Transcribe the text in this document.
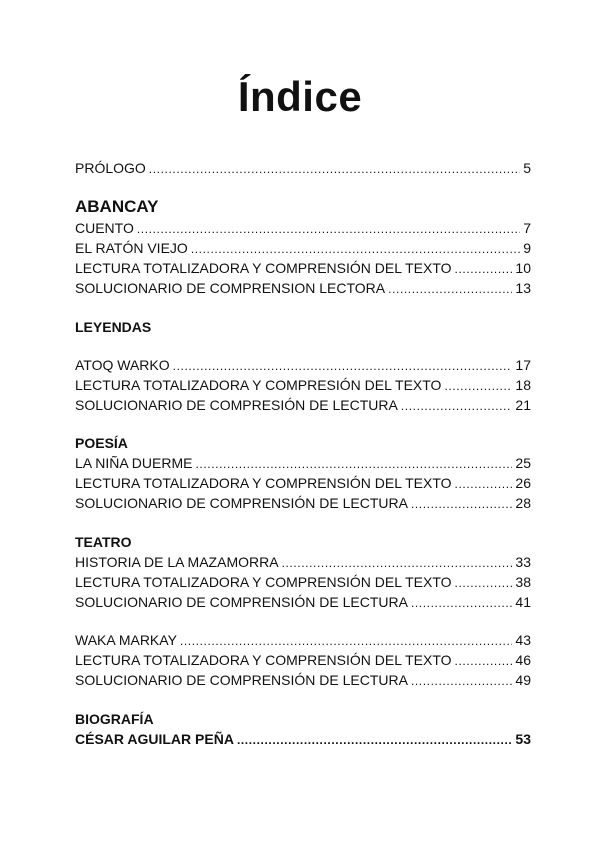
Índice
PRÓLOGO .....	5
ABANCAY
CUENTO .....	7
EL RATÓN VIEJO .....	9
LECTURA TOTALIZADORA Y COMPRENSIÓN DEL TEXTO .....	10
SOLUCIONARIO DE COMPRENSION LECTORA .....	13
LEYENDAS
ATOQ WARKO .....	17
LECTURA TOTALIZADORA Y COMPRESIÓN DEL TEXTO .....	18
SOLUCIONARIO DE COMPRESIÓN DE LECTURA .....	21
POESÍA
LA NIÑA DUERME .....	25
LECTURA TOTALIZADORA Y COMPRENSIÓN DEL TEXTO .....	26
SOLUCIONARIO DE COMPRENSIÓN DE LECTURA .....	28
TEATRO
HISTORIA DE LA MAZAMORRA .....	33
LECTURA TOTALIZADORA Y COMPRENSIÓN DEL TEXTO .....	38
SOLUCIONARIO DE COMPRENSIÓN DE LECTURA .....	41
WAKA MARKAY .....	43
LECTURA TOTALIZADORA Y COMPRENSIÓN DEL TEXTO .....	46
SOLUCIONARIO DE COMPRENSIÓN DE LECTURA .....	49
BIOGRAFÍA
CÉSAR AGUILAR PEÑA .....	53
